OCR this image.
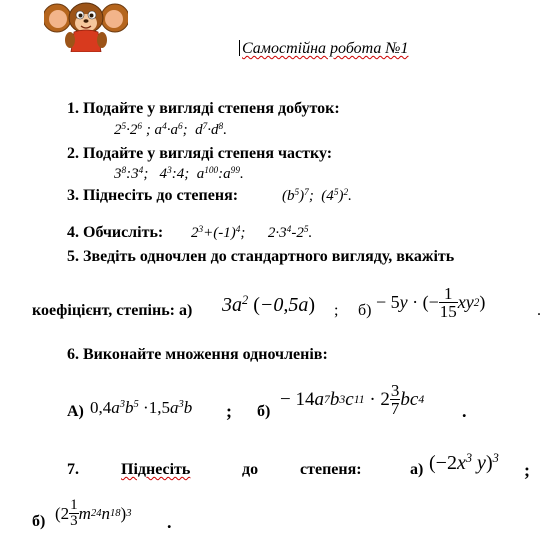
Самостійна робота №1
1. Подайте у вигляді степеня добуток:
$2^5\cdot 2^6$ ; $a^4\cdot a^6$;  $d^7\cdot d^8$.
2. Подайте у вигляді степеня частку:
$3^8:3^4$;   $4^3:4$;  $a^{100}:a^{99}$.
3. Піднесіть до степеня:	$(b^5)^7$;  $(4^5)^2$.
4. Обчисліть: $2^3+(-1)^4$;      $2\cdot 3^4-2^5$.
5. Зведіть одночлен до стандартного вигляду, вкажіть
коефіцієнт, степінь: а) $3a^2$ (−0,5a) ; б) − 5 y · (− $\frac{1}{15}$ xy 2 )	.
6. Виконайте множення одночленів:
А) $0,4a^3b^5 \cdot 1,5a^3b$ ; б)
− 14 a 7 b 3 c $11 \cdot 2 \frac{3}{7}$ bc 4
.
7.	Піднесіть	до	степеня:	а) ($-2x^3$ y)$^3$
;
б) ($2 \frac{1}{3}$ m 24 n 18 ) 3 .
